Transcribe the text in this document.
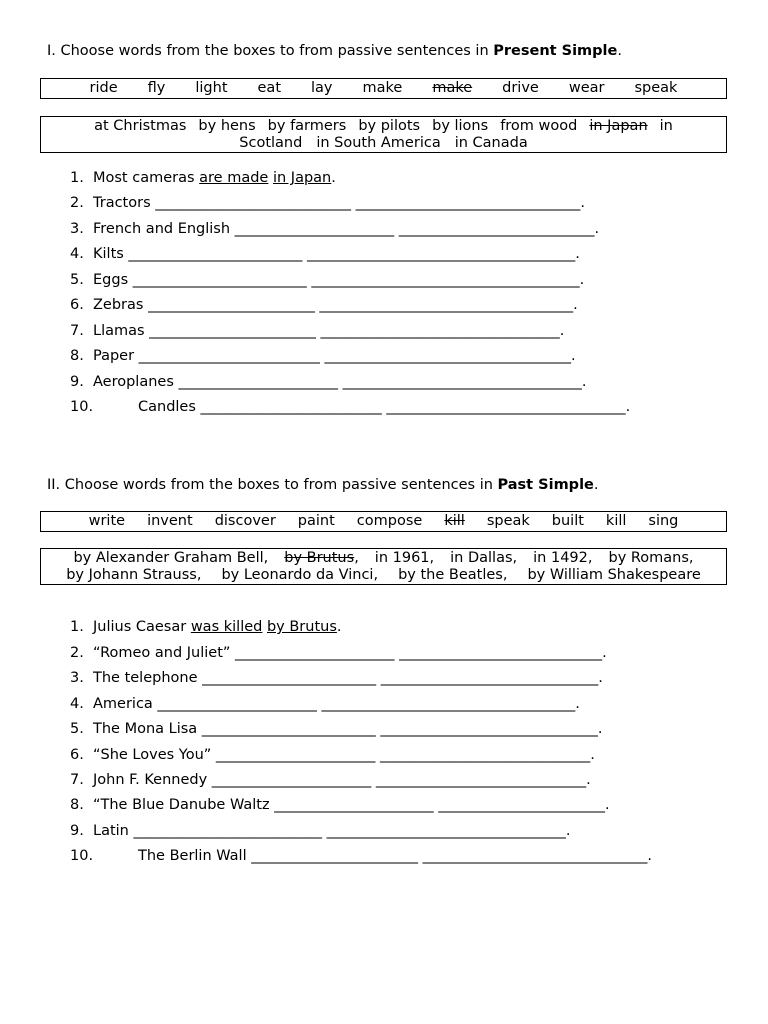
I. Choose words from the boxes to from passive sentences in Present Simple.
ride fly light eat lay make make drive wear speak
at Christmas by hens by farmers by pilots by lions from wood in Japan in
Scotland in South America in Canada
1. Most cameras are made in Japan.
2. Tractors ___________________________ _______________________________.
3. French and English ______________________ ___________________________.
4. Kilts ________________________ _____________________________________.
5. Eggs ________________________ _____________________________________.
6. Zebras _______________________ ___________________________________.
7. Llamas _______________________ _________________________________.
8. Paper _________________________ __________________________________.
9. Aeroplanes ______________________ _________________________________.
10.	Candles _________________________ _________________________________.
II. Choose words from the boxes to from passive sentences in Past Simple.
write invent discover paint compose kill speak built kill sing
by Alexander Graham Bell, by Brutus , in 1961, in Dallas, in 1492, by Romans,
by Johann Strauss, by Leonardo da Vinci, by the Beatles, by William Shakespeare
1. Julius Caesar was killed by Brutus.
2. “Romeo and Juliet” ______________________ ____________________________.
3. The telephone ________________________ ______________________________.
4. America ______________________ ___________________________________.
5. The Mona Lisa ________________________ ______________________________.
6. “She Loves You” ______________________ _____________________________.
7. John F. Kennedy ______________________ _____________________________.
8. “The Blue Danube Waltz ______________________ _______________________.
9. Latin __________________________ _________________________________.
10.	The Berlin Wall _______________________ _______________________________.
